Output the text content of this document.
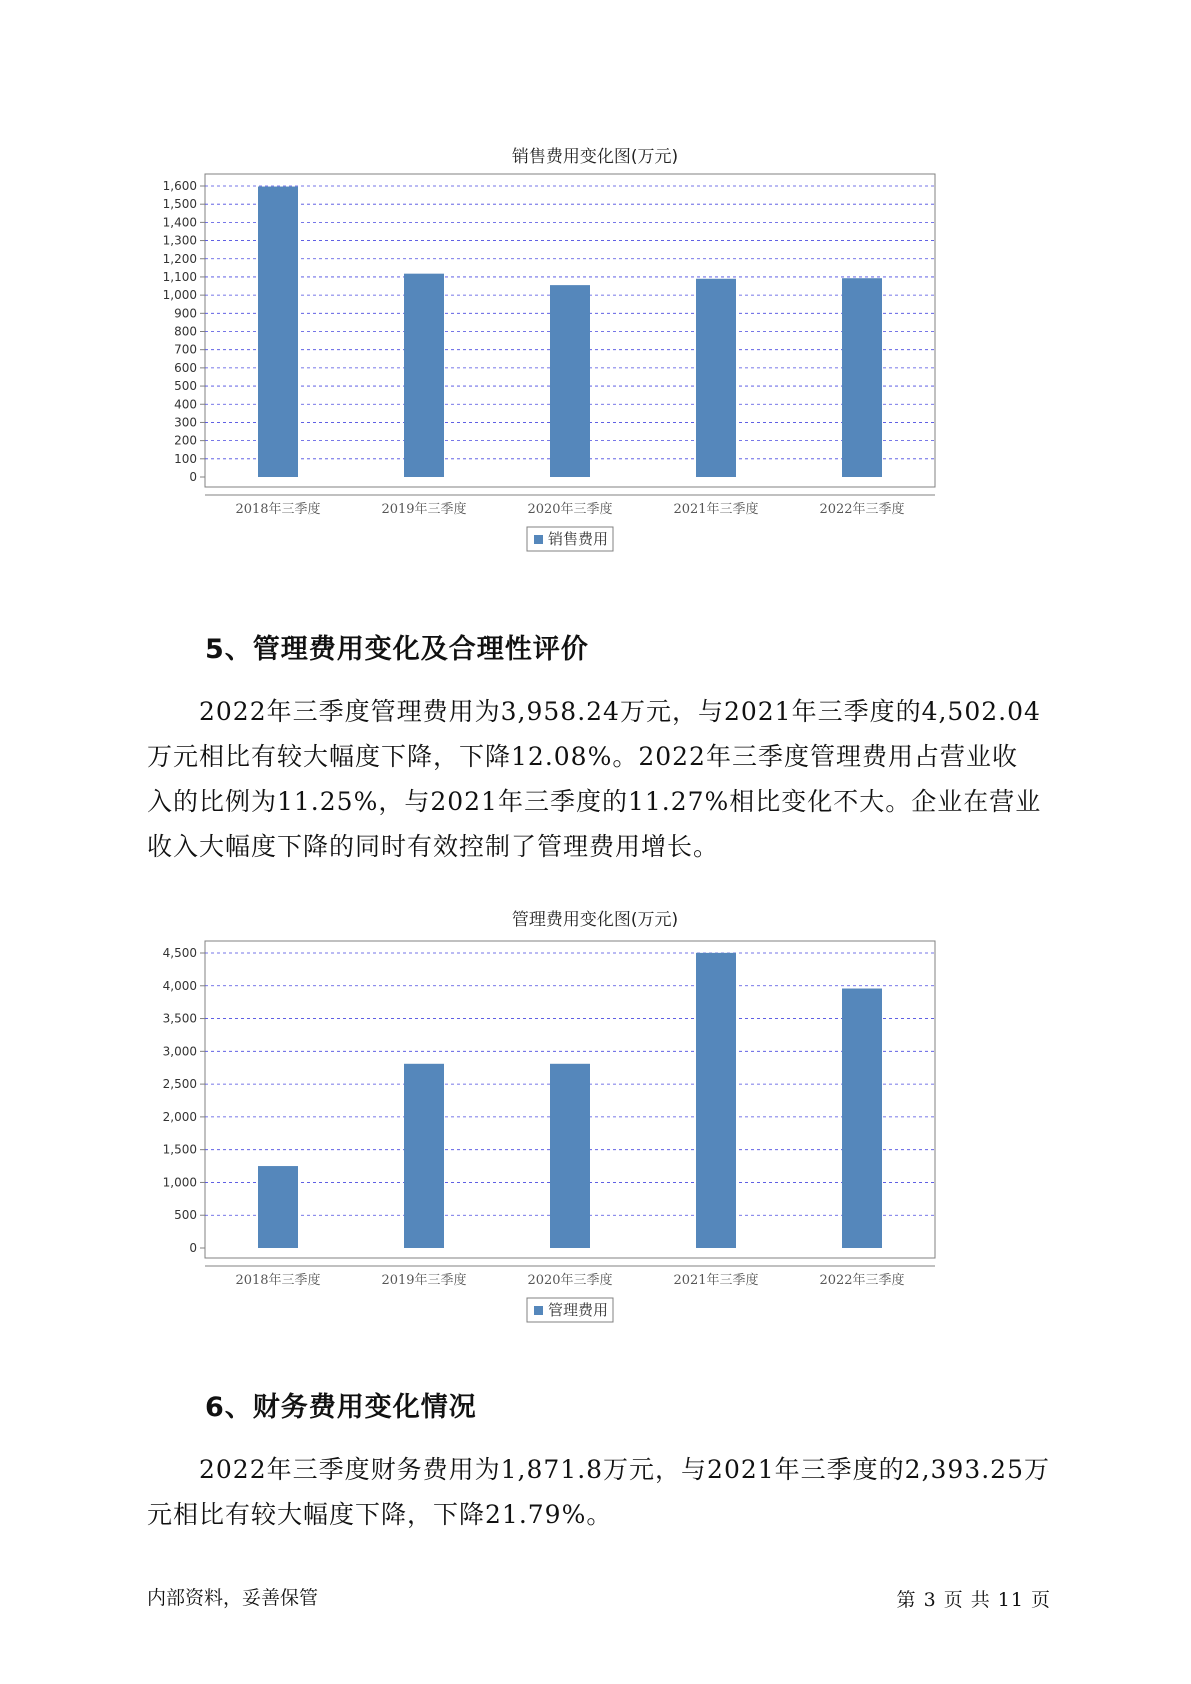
销售费用变化图(万元)
0
100
200
300
400
500
600
700
800
900
1,000
1,100
1,200
1,300
1,400
1,500
1,600
2018年三季度	2019年三季度	2020年三季度	2021年三季度	2022年三季度
销售费用
5、管理费用变化及合理性评价

2022年三季度管理费用为3,958.24万元，与2021年三季度的4,502.04

万元相比有较大幅度下降，下降12.08%。2022年三季度管理费用占营业收

入的比例为11.25%，与2021年三季度的11.27%相比变化不大。企业在营业

收入大幅度下降的同时有效控制了管理费用增长。

管理费用变化图(万元)
0
500
1,000
1,500
2,000
2,500
3,000
3,500
4,000
4,500
2018年三季度	2019年三季度	2020年三季度	2021年三季度	2022年三季度
管理费用
6、财务费用变化情况

2022年三季度财务费用为1,871.8万元，与2021年三季度的2,393.25万

元相比有较大幅度下降，下降21.79%。

内部资料，妥善保管	第 3 页 共 11 页
